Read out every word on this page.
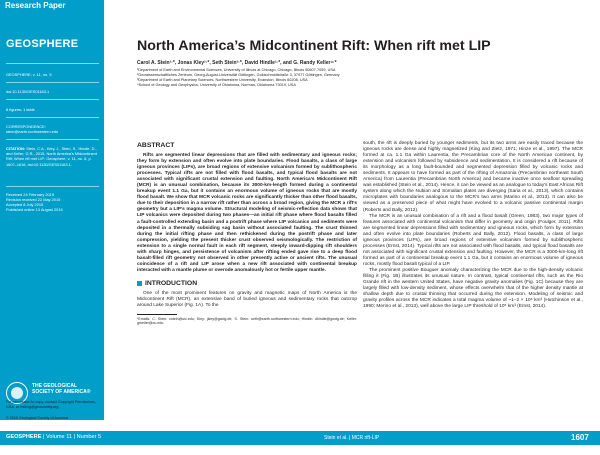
Research Paper
GEOSPHERE
GEOSPHERE; v. 11, no. 5
doi:10.1130/GES01163.1
8 figures; 1 table
CORRESPONDENCE: stein@earth.northwestern.edu
CITATION: Stein, C.A., Kley, J., Stein, S., Hindle, D., and Keller, G.R., 2015, North America's Midcontinent Rift: When rift met LIP: Geosphere, v. 11, no. 5, p. 1607–1616, doi:10.1130/GES01163.1.
Received 24 February 2015
Revision received 22 May 2015
Accepted 8 July 2015
Published online 13 August 2015
THE GEOLOGICAL SOCIETY OF AMERICA®
For permission to copy, contact Copyright Permissions, GSA, or editing@geosociety.org
© 2015 Geological Society of America
North America’s Midcontinent Rift: When rift met LIP
Carol A. Stein¹·*, Jonas Kley²·*, Seth Stein³·*, David Hindle²·*, and G. Randy Keller⁴·*
¹Department of Earth and Environmental Sciences, University of Illinois at Chicago, Chicago, Illinois 60607-7059, USA
²Geowissenschaftliches Zentrum, Georg-August-Universität Göttingen, Goldschmidtstraße 3, 37077 Göttingen, Germany
³Department of Earth and Planetary Sciences, Northwestern University, Evanston, Illinois 60208, USA
⁴School of Geology and Geophysics, University of Oklahoma, Norman, Oklahoma 73019, USA
ABSTRACT

Rifts are segmented linear depressions that are filled with sedimentary and igneous rocks; they form by extension and often evolve into plate boundaries. Flood basalts, a class of large igneous provinces (LIPs), are broad regions of extensive volcanism formed by sublithospheric processes. Typical rifts are not filled with flood basalts, and typical flood basalts are not associated with significant crustal extension and faulting. North America’s Midcontinent Rift (MCR) is an unusual combination, because its 3000-km-length formed during a continental breakup event 1.1 Ga, but it contains an enormous volume of igneous rocks that are mostly flood basalt. We show that MCR volcanic rocks are significantly thicker than other flood basalts, due to their deposition in a narrow rift rather than across a broad region, giving the MCR a rift’s geometry but a LIP’s magma volume. Structural modeling of seismic-reflection data shows that LIP volcanics were deposited during two phases—an initial rift phase where flood basalts filled a fault-controlled extending basin and a postrift phase where LIP volcanics and sediments were deposited in a thermally subsiding sag basin without associated faulting. The crust thinned during the initial rifting phase and then rethickened during the postrift phase and later compression, yielding the present thicker crust observed seismologically. The restriction of extension to a single normal fault in each rift segment, steeply inward-dipping rift shoulders with sharp hinges, and persistence of volcanism after rifting ended gave rise to a deep flood basalt-filled rift geometry not observed in other presently active or ancient rifts. The unusual coincidence of a rift and LIP arose when a new rift associated with continental breakup interacted with a mantle plume or overode anomalously hot or fertile upper mantle.

INTRODUCTION

One of the most prominent features on gravity and magnetic maps of North America is the Midcontinent Rift (MCR), an extensive band of buried igneous and sedimentary rocks that outcrop around Lake Superior (Fig. 1A). To the

*Emails: C. Stein: cstein@uic.edu; Kley: jkley@gwdg.de; S. Stein: seth@earth.northwestern.edu; Hindle: dhindle@gwdg.de; Keller: grkeller@ou.edu

south, the rift is deeply buried by younger sediments, but its two arms are easily traced because the igneous rocks are dense and highly magnetized (King and Zietz, 1971; Hinze et al., 1997). The MCR formed at ca. 1.1 Ga within Laurentia, the Precambrian core of the North American continent, by extension and volcanism followed by subsidence and sedimentation. It is considered a rift because of its morphology as a long fault-bounded and segmented depression filled by volcanic rocks and sediments. It appears to have formed as part of the rifting of Amazonia (Precambrian northeast South America) from Laurentia (Precambrian North America) and became inactive once seafloor spreading was established (Stein et al., 2014). Hence, it can be viewed as an analogue to today’s East African Rift system along which the Nubian and Somalian plates are diverging (Saria et al., 2013), which contains microplates with boundaries analogous to the MCR’s two arms (Marino et al., 2013). It can also be viewed as a preserved piece of what might have evolved to a volcanic passive continental margin (Roberts and Bally, 2012).

The MCR is an unusual combination of a rift and a flood basalt (Green, 1983), two major types of features associated with continental volcanism that differ in geometry and origin (Foulger, 2011). Rifts are segmented linear depressions filled with sedimentary and igneous rocks, which form by extension and often evolve into plate boundaries (Roberts and Bally, 2012). Flood basalts, a class of large igneous provinces (LIPs), are broad regions of extensive volcanism formed by sublithospheric processes (Ernst, 2014). Typical rifts are not associated with flood basalts, and typical flood basalts are not associated with significant crustal extension and faulting. However, the MCR is a 3000-km-long rift formed as part of a continental breakup event 1.1 Ga, but it contains an enormous volume of igneous rocks, mostly flood basalt typical of a LIP.

The prominent positive Bouguer anomaly characterizing the MCR due to the high-density volcanic filling it (Fig. 1B) illustrates its unusual nature. In contrast, typical continental rifts, such as the Rio Grande rift in the western United States, have negative gravity anomalies (Fig. 1C) because they are largely filled with low-density sediment, whose effects overwhelm that of the higher density mantle at shallow depth due to crustal thinning that occurred during the extension. Modeling of seismic and gravity profiles across the MCR indicates a total magma volume of ~1–2 × 10⁶ km³ (Hutchinson et al., 1990; Merino et al., 2013), well above the large LIP threshold of 10⁵ km³ (Ernst, 2014).

GEOSPHERE | Volume 11 | Number 5	Stein et al. | MCR rift-LIP	1607
